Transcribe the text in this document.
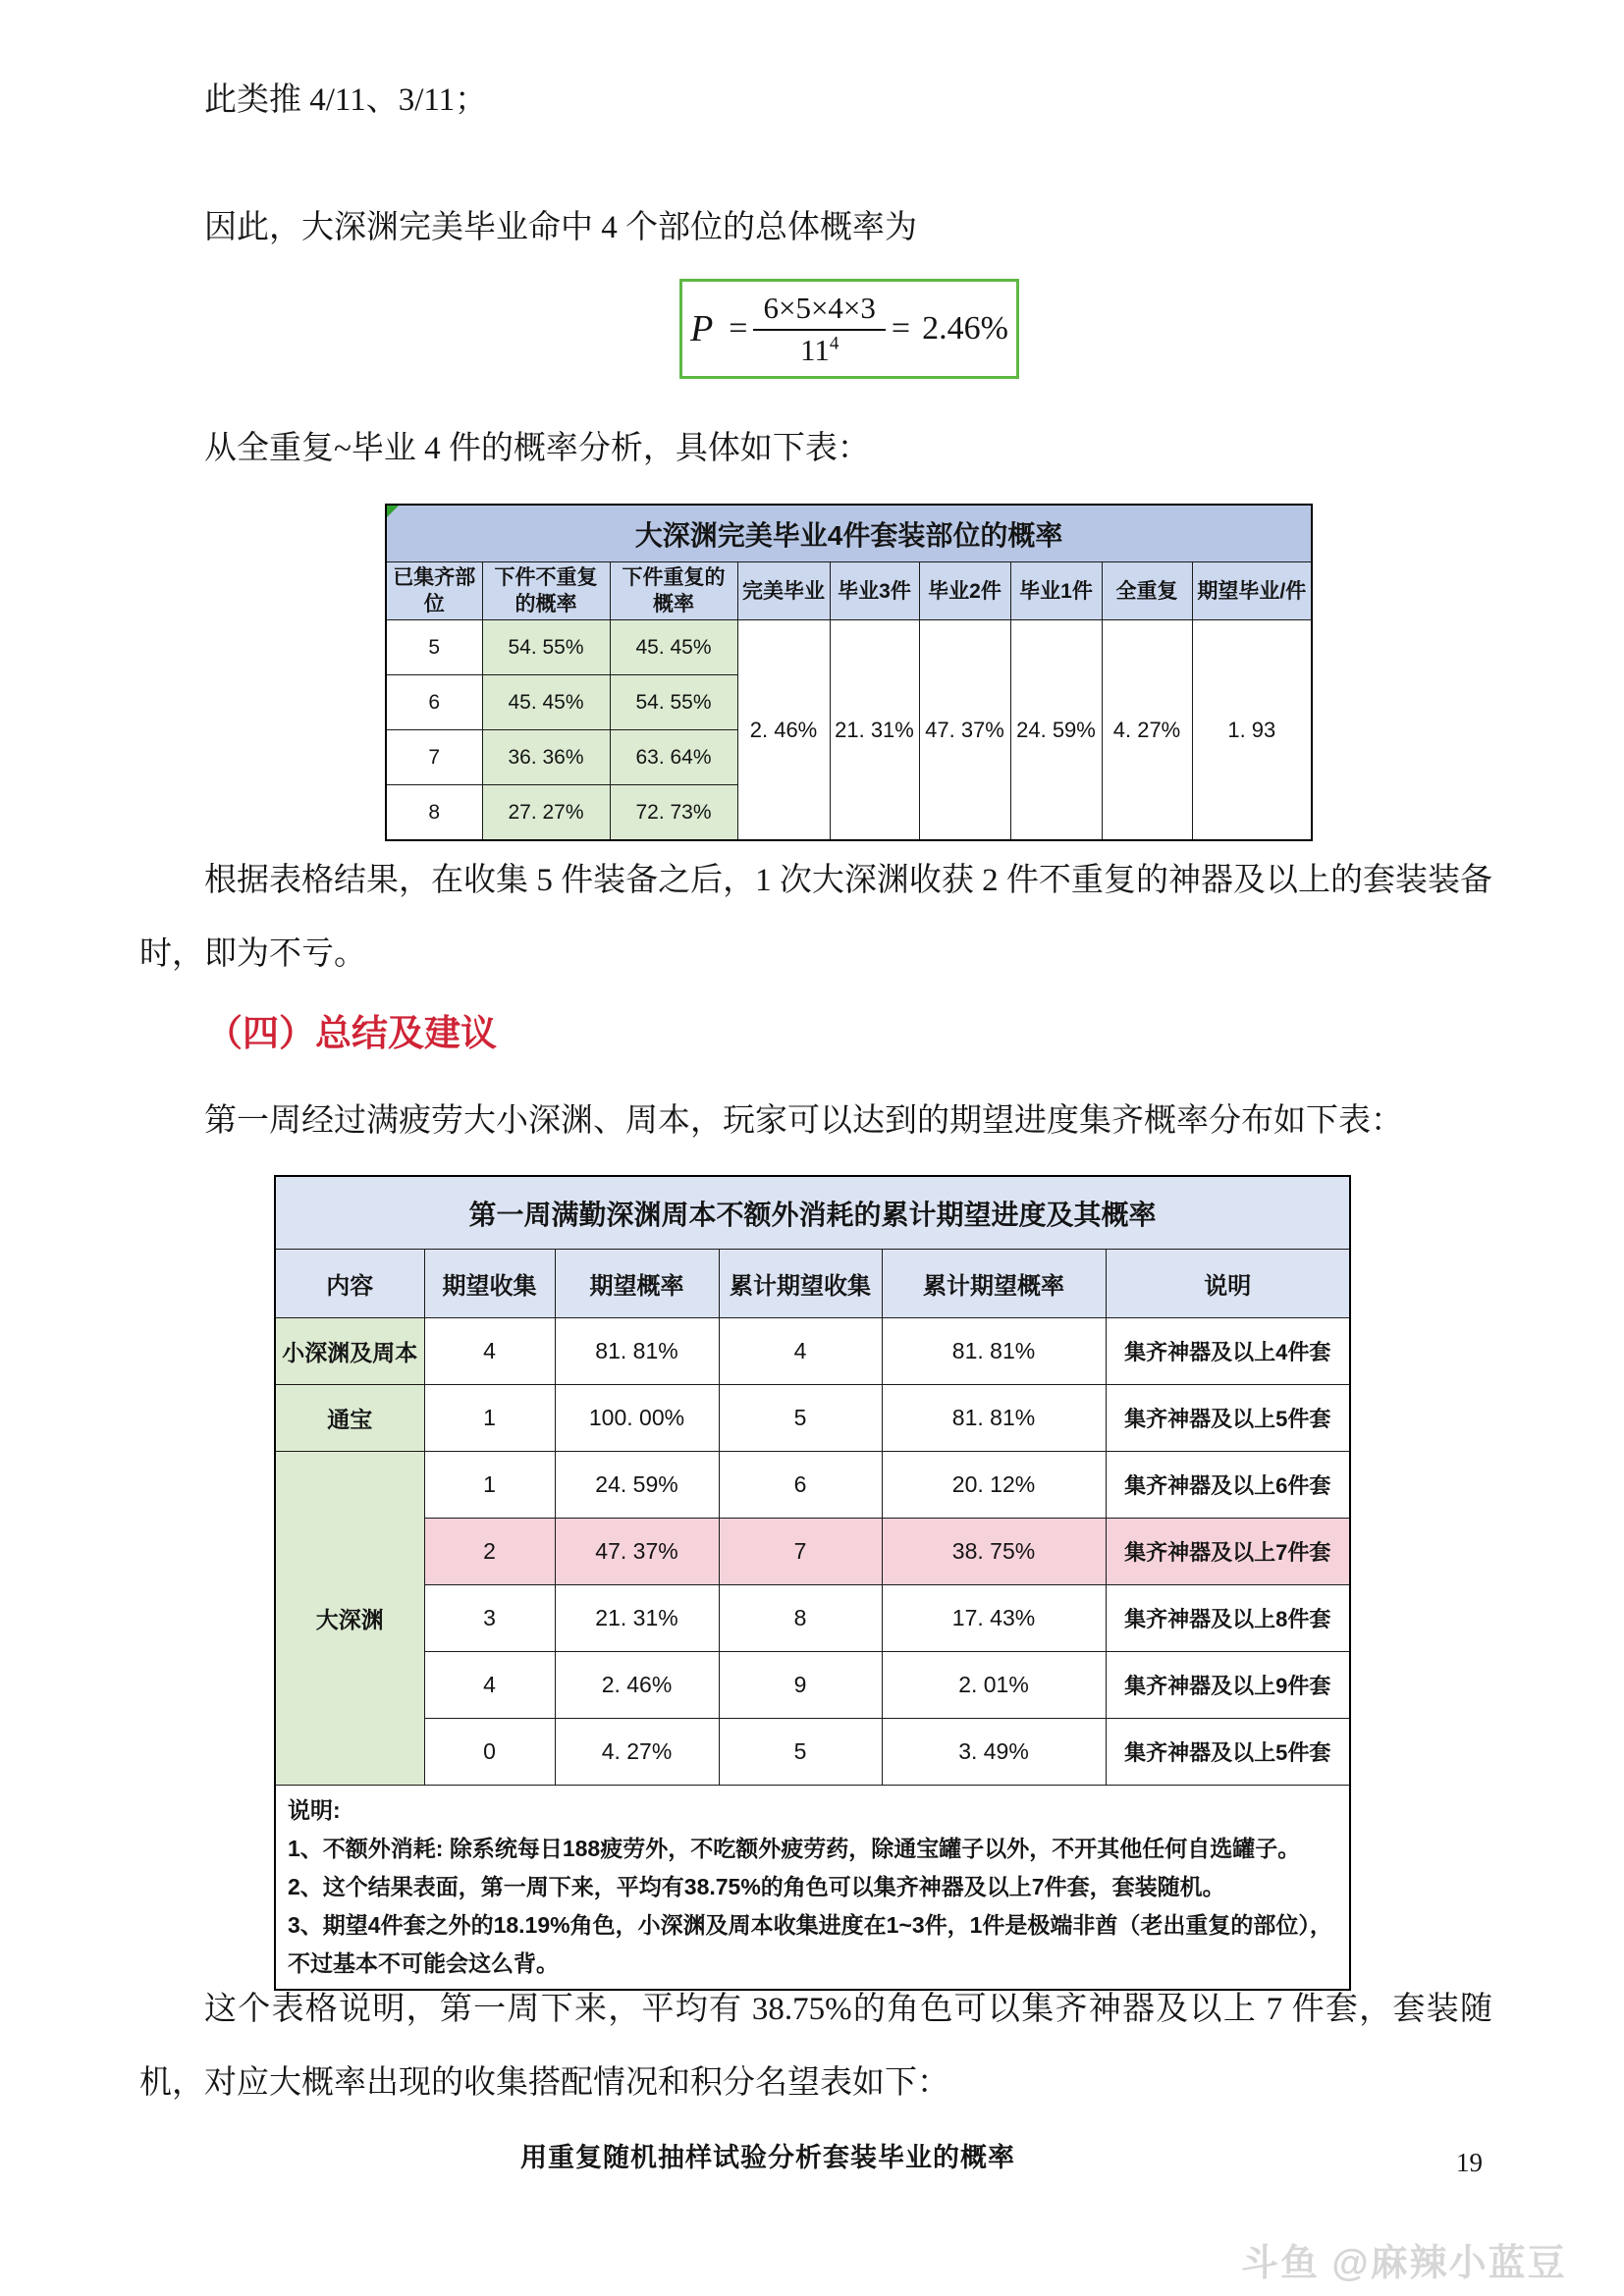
此类推 4/11、3/11；

因此，大深渊完美毕业命中 4 个部位的总体概率为

$P = \frac{6\times 5\times 4\times 3}{11^4} = 2.46\%$

从全重复~毕业 4 件的概率分析，具体如下表：

大深渊完美毕业4件套装部位的概率								
已集齐部位	下件不重复的概率	下件重复的概率	完美毕业	毕业3件	毕业2件	毕业1件	全重复	期望毕业/件
5	54. 55%	45. 45%	2. 46%	21. 31%	47. 37%	24. 59%	4. 27%	1. 93
6	45. 45%	54. 55%						
7	36. 36%	63. 64%						
8	27. 27%	72. 73%						

根据表格结果，在收集 5 件装备之后，1 次大深渊收获 2 件不重复的神器及以上的套装装备时，即为不亏。

（四）总结及建议

第一周经过满疲劳大小深渊、周本，玩家可以达到的期望进度集齐概率分布如下表：

第一周满勤深渊周本不额外消耗的累计期望进度及其概率					
内容	期望收集	期望概率	累计期望收集	累计期望概率	说明
小深渊及周本	4	81. 81%	4	81. 81%	集齐神器及以上4件套
通宝	1	100. 00%	5	81. 81%	集齐神器及以上5件套
大深渊	1	24. 59%	6	20. 12%	集齐神器及以上6件套
	2	47. 37%	7	38. 75%	集齐神器及以上7件套
	3	21. 31%	8	17. 43%	集齐神器及以上8件套
	4	2. 46%	9	2. 01%	集齐神器及以上9件套
	0	4. 27%	5	3. 49%	集齐神器及以上5件套

说明:
1、不额外消耗: 除系统每日188疲劳外，不吃额外疲劳药，除通宝罐子以外，不开其他任何自选罐子。
2、这个结果表面，第一周下来，平均有38.75%的角色可以集齐神器及以上7件套，套装随机。
3、期望4件套之外的18.19%角色，小深渊及周本收集进度在1~3件，1件是极端非酋（老出重复的部位），不过基本不可能会这么背。					

这个表格说明，第一周下来，平均有 38.75%的角色可以集齐神器及以上 7 件套，套装随机，对应大概率出现的收集搭配情况和积分名望表如下：

用重复随机抽样试验分析套装毕业的概率	19
斗鱼 @麻辣小蓝豆
